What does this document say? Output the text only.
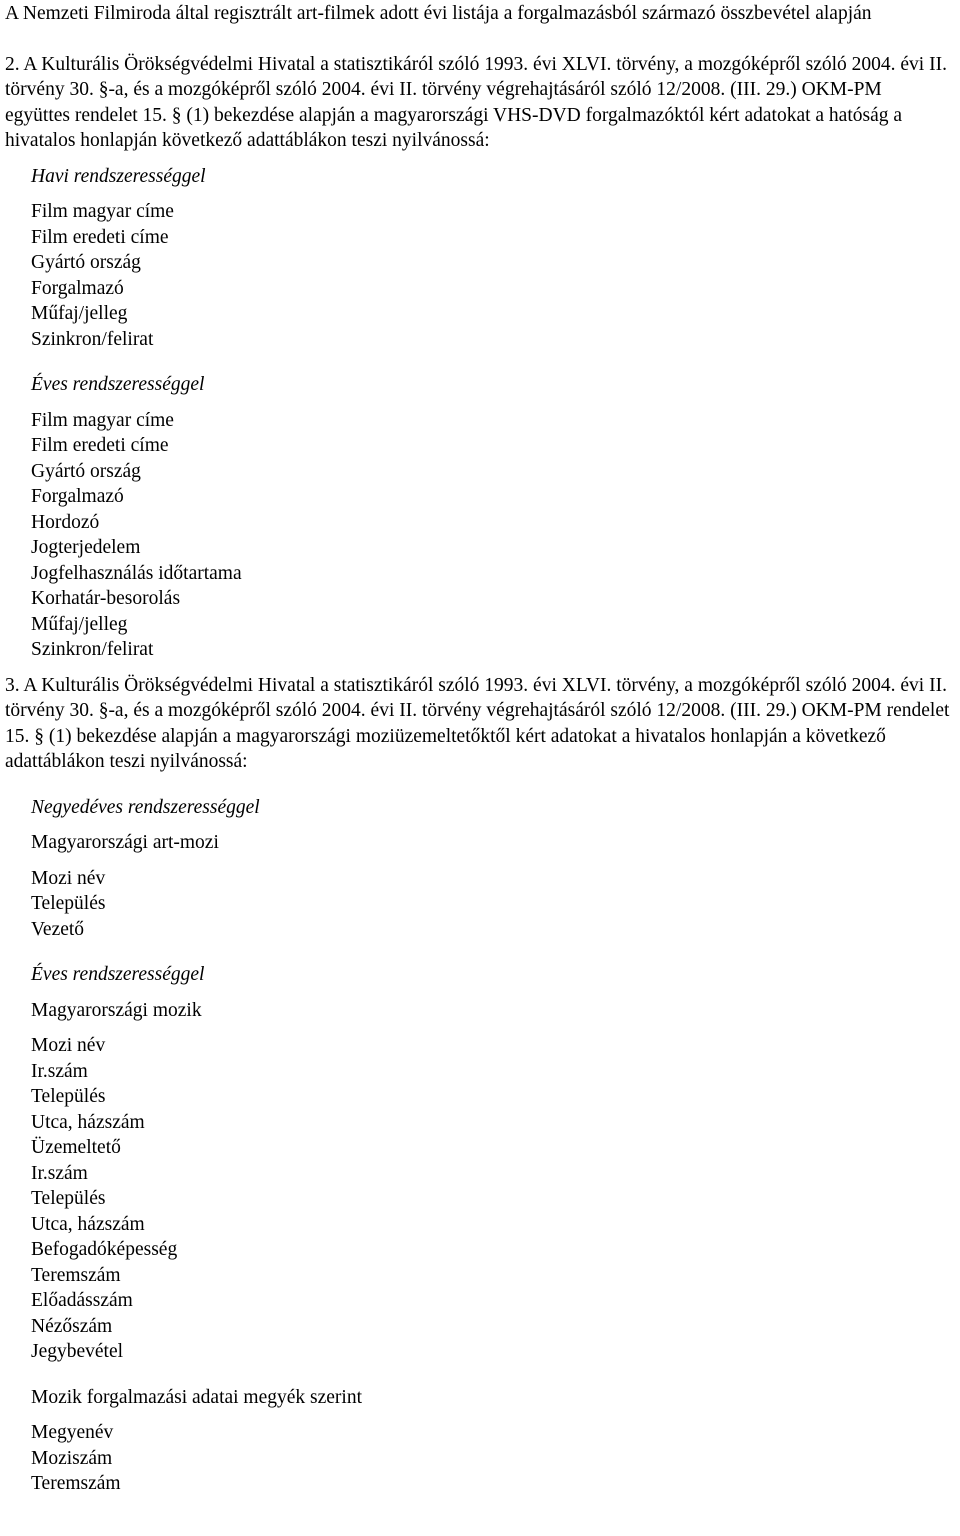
A Nemzeti Filmiroda által regisztrált art-filmek adott évi listája a forgalmazásból származó összbevétel alapján

2. A Kulturális Örökségvédelmi Hivatal a statisztikáról szóló 1993. évi XLVI. törvény, a mozgóképről szóló 2004. évi II. törvény 30. §-a, és a mozgóképről szóló 2004. évi II. törvény végrehajtásáról szóló 12/2008. (III. 29.) OKM-PM együttes rendelet 15. § (1) bekezdése alapján a magyarországi VHS-DVD forgalmazóktól kért adatokat a hatóság a hivatalos honlapján következő adattáblákon teszi nyilvánossá:

Havi rendszerességgel
Film magyar címe
Film eredeti címe
Gyártó ország
Forgalmazó
Műfaj/jelleg
Szinkron/felirat
Éves rendszerességgel
Film magyar címe
Film eredeti címe
Gyártó ország
Forgalmazó
Hordozó
Jogterjedelem
Jogfelhasználás időtartama
Korhatár-besorolás
Műfaj/jelleg
Szinkron/felirat

3. A Kulturális Örökségvédelmi Hivatal a statisztikáról szóló 1993. évi XLVI. törvény, a mozgóképről szóló 2004. évi II. törvény 30. §-a, és a mozgóképről szóló 2004. évi II. törvény végrehajtásáról szóló 12/2008. (III. 29.) OKM-PM rendelet 15. § (1) bekezdése alapján a magyarországi moziüzemeltetőktől kért adatokat a hivatalos honlapján a következő adattáblákon teszi nyilvánossá:

Negyedéves rendszerességgel
Magyarországi art-mozi
Mozi név
Település
Vezető
Éves rendszerességgel
Magyarországi mozik
Mozi név
Ir.szám
Település
Utca, házszám
Üzemeltető
Ir.szám
Település
Utca, házszám
Befogadóképesség
Teremszám
Előadásszám
Nézőszám
Jegybevétel
Mozik forgalmazási adatai megyék szerint
Megyenév
Moziszám
Teremszám
